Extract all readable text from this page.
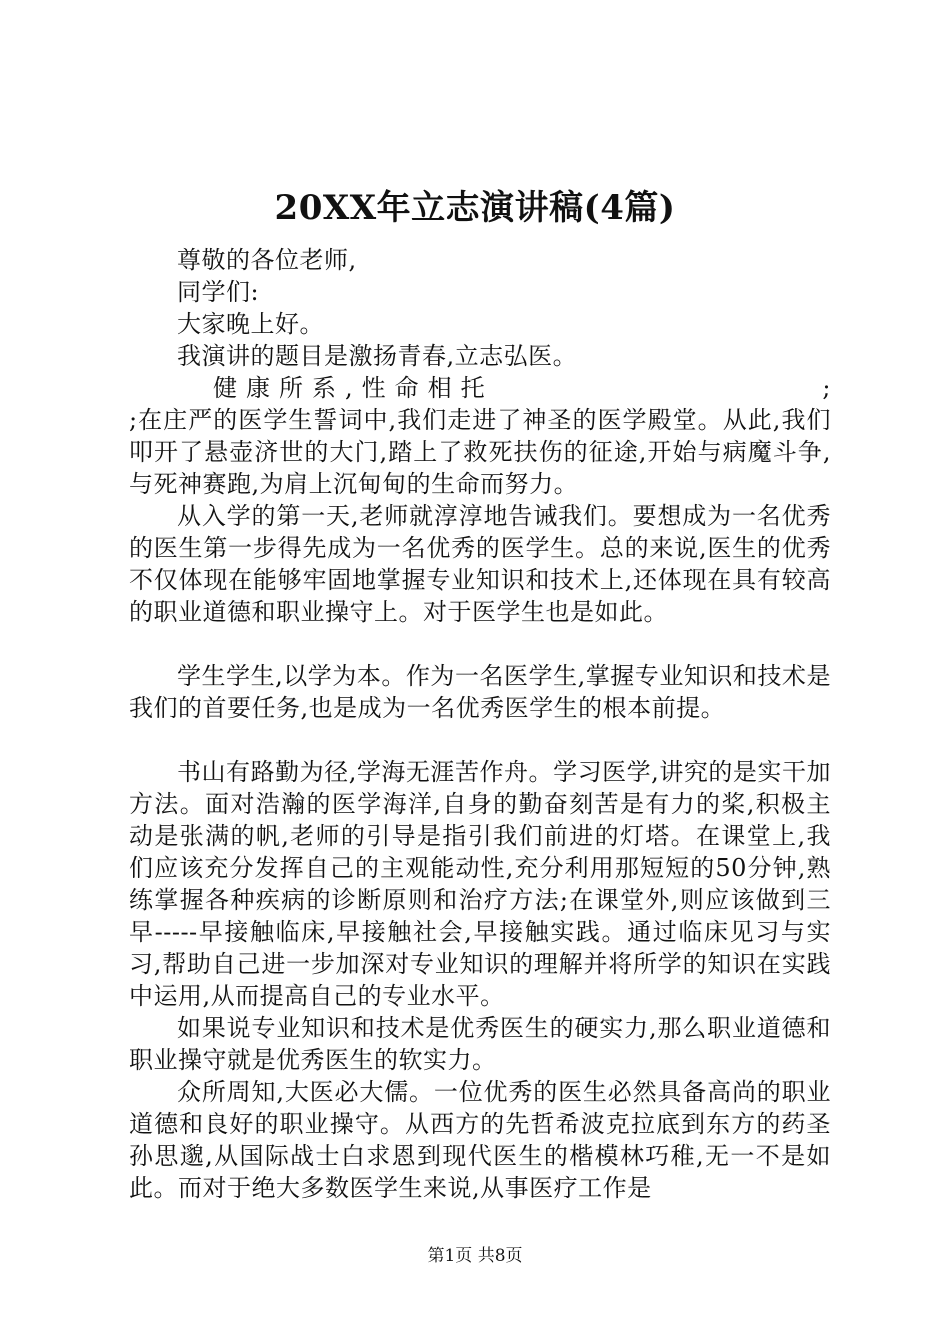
20XX年立志演讲稿(4篇)

尊敬的各位老师,

同学们:

大家晚上好。

我演讲的题目是激扬青春,立志弘医。

健康所系,性命相托	;

;在庄严的医学生誓词中,我们走进了神圣的医学殿堂。从此,我们叩开了悬壶济世的大门,踏上了救死扶伤的征途,开始与病魔斗争,与死神赛跑,为肩上沉甸甸的生命而努力。

从入学的第一天,老师就淳淳地告诫我们。要想成为一名优秀的医生第一步得先成为一名优秀的医学生。总的来说,医生的优秀不仅体现在能够牢固地掌握专业知识和技术上,还体现在具有较高的职业道德和职业操守上。对于医学生也是如此。

学生学生,以学为本。作为一名医学生,掌握专业知识和技术是我们的首要任务,也是成为一名优秀医学生的根本前提。

书山有路勤为径,学海无涯苦作舟。学习医学,讲究的是实干加方法。面对浩瀚的医学海洋,自身的勤奋刻苦是有力的桨,积极主动是张满的帆,老师的引导是指引我们前进的灯塔。在课堂上,我们应该充分发挥自己的主观能动性,充分利用那短短的50分钟,熟练掌握各种疾病的诊断原则和治疗方法;在课堂外,则应该做到三早-----早接触临床,早接触社会,早接触实践。通过临床见习与实习,帮助自己进一步加深对专业知识的理解并将所学的知识在实践中运用,从而提高自己的专业水平。

如果说专业知识和技术是优秀医生的硬实力,那么职业道德和职业操守就是优秀医生的软实力。

众所周知,大医必大儒。一位优秀的医生必然具备高尚的职业道德和良好的职业操守。从西方的先哲希波克拉底到东方的药圣孙思邈,从国际战士白求恩到现代医生的楷模林巧稚,无一不是如此。而对于绝大多数医学生来说,从事医疗工作是

第1页 共8页
